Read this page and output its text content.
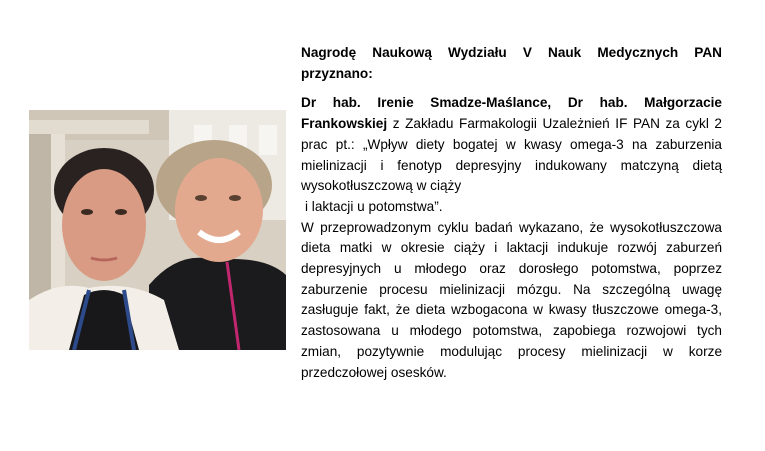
Nagrodę Naukową Wydziału V Nauk Medycznych PAN przyznano:

Dr hab. Irenie Smadze-Maślance, Dr hab. Małgorzacie Frankowskiej z Zakładu Farmakologii Uzależnień IF PAN za cykl 2 prac pt.: „Wpływ diety bogatej w kwasy omega-3 na zaburzenia mielinizacji i fenotyp depresyjny indukowany matczyną dietą wysokotłuszczową w ciąży
i laktacji u potomstwa”.

W przeprowadzonym cyklu badań wykazano, że wysokotłuszczowa dieta matki w okresie ciąży i laktacji indukuje rozwój zaburzeń depresyjnych u młodego oraz dorosłego potomstwa, poprzez zaburzenie procesu mielinizacji mózgu. Na szczególną uwagę zasługuje fakt, że dieta wzbogacona w kwasy tłuszczowe omega-3, zastosowana u młodego potomstwa, zapobiega rozwojowi tych zmian, pozytywnie modulując procesy mielinizacji w korze przedczołowej osesków.
